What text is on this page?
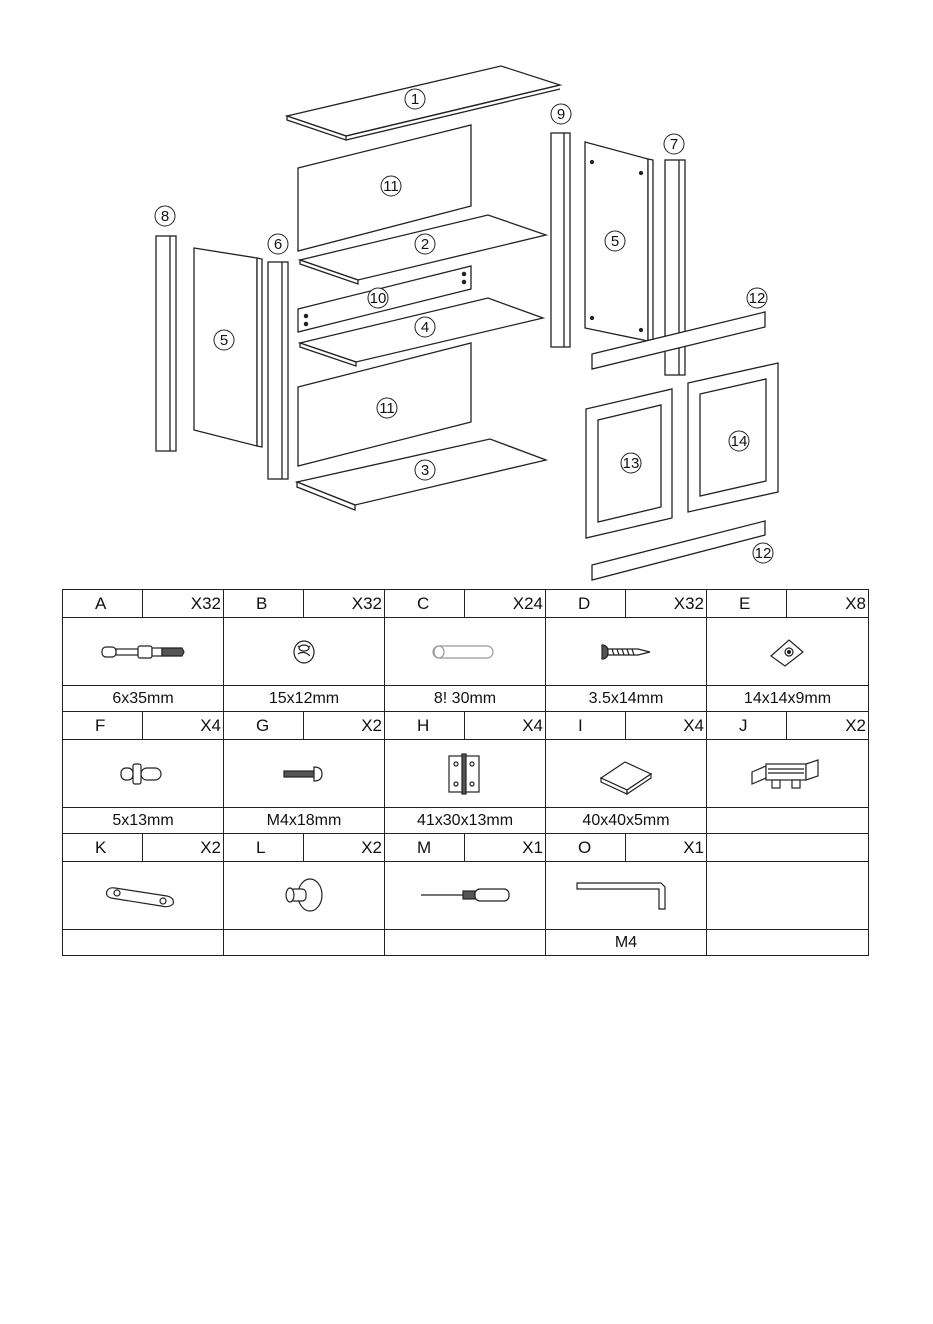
1
11
2
10
4
11
3
8
5
6
9
5
7
12
13
14
12
A	X32	B	X32	C	X24	D	X32	E	X8

6x35mm		15x12mm		8! 30mm		3.5x14mm		14x14x9mm	
F	X4	G	X2	H	X4	I	X4	J	X2

5x13mm		M4x18mm		41x30x13mm		40x40x5mm			
K	X2	L	X2	M	X1	O	X1		

						M4			
